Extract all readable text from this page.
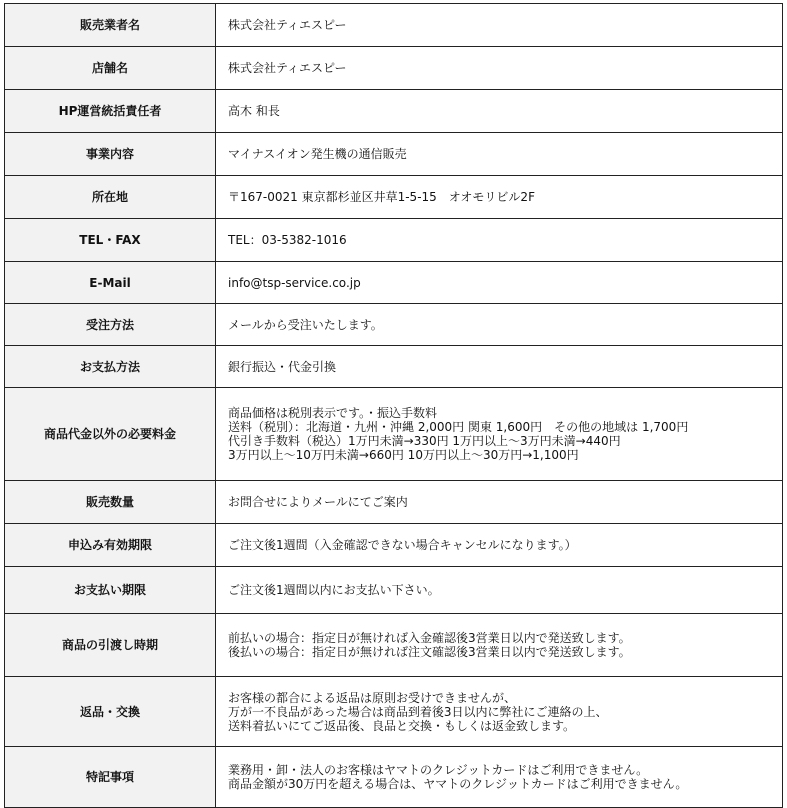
販売業者名	株式会社ティエスピー

店舗名	株式会社ティエスピー

HP運営統括責任者	高木 和長

事業内容	マイナスイオン発生機の通信販売

所在地	〒167-0021 東京都杉並区井草1-5-15　オオモリビル2F

TEL・FAX	TEL：03-5382-1016

E-Mail	info@tsp-service.co.jp

受注方法	メールから受注いたします。

お支払方法	銀行振込・代金引換

商品代金以外の必要料金	商品価格は税別表示です。・振込手数料
送料（税別）：北海道・九州・沖縄 2,000円 関東 1,600円　その他の地域は 1,700円
代引き手数料（税込）1万円未満→330円 1万円以上～3万円未満→440円
3万円以上～10万円未満→660円 10万円以上～30万円→1,100円

販売数量	お問合せによりメールにてご案内

申込み有効期限	ご注文後1週間（入金確認できない場合キャンセルになります。）

お支払い期限	ご注文後1週間以内にお支払い下さい。

商品の引渡し時期	前払いの場合：指定日が無ければ入金確認後3営業日以内で発送致します。
後払いの場合：指定日が無ければ注文確認後3営業日以内で発送致します。

返品・交換	お客様の都合による返品は原則お受けできませんが、
万が一不良品があった場合は商品到着後3日以内に弊社にご連絡の上、
送料着払いにてご返品後、良品と交換・もしくは返金致します。

特記事項	業務用・卸・法人のお客様はヤマトのクレジットカードはご利用できません。
商品金額が30万円を超える場合は、ヤマトのクレジットカードはご利用できません。
